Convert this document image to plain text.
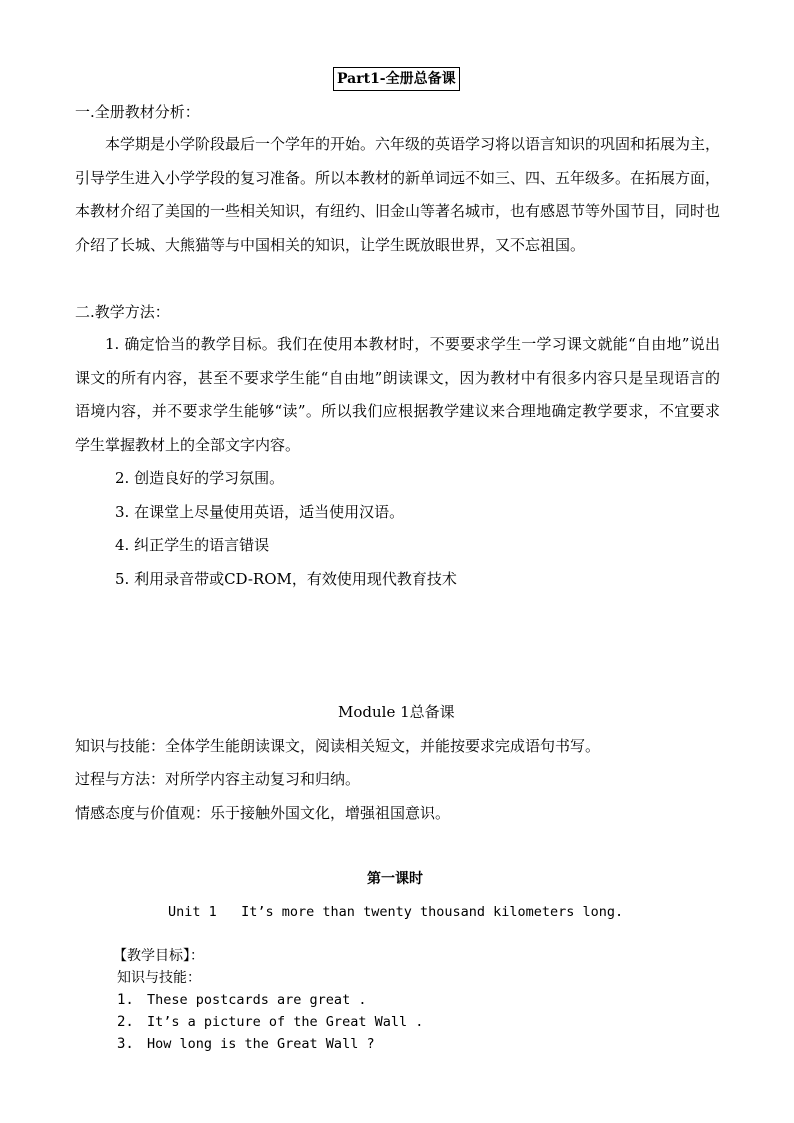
Part1-全册总备课
一.全册教材分析：

本学期是小学阶段最后一个学年的开始。六年级的英语学习将以语言知识的巩固和拓展为主，引导学生进入小学学段的复习准备。所以本教材的新单词远不如三、四、五年级多。在拓展方面，本教材介绍了美国的一些相关知识，有纽约、旧金山等著名城市，也有感恩节等外国节目，同时也介绍了长城、大熊猫等与中国相关的知识，让学生既放眼世界，又不忘祖国。

二.教学方法：

1. 确定恰当的教学目标。我们在使用本教材时，不要要求学生一学习课文就能“自由地”说出课文的所有内容，甚至不要求学生能“自由地”朗读课文，因为教材中有很多内容只是呈现语言的语境内容，并不要求学生能够“读”。所以我们应根据教学建议来合理地确定教学要求，不宜要求学生掌握教材上的全部文字内容。

2. 创造良好的学习氛围。
3. 在课堂上尽量使用英语，适当使用汉语。
4. 纠正学生的语言错误
5. 利用录音带或CD-ROM，有效使用现代教育技术
Module 1总备课
知识与技能：全体学生能朗读课文，阅读相关短文，并能按要求完成语句书写。
过程与方法：对所学内容主动复习和归纳。
情感态度与价值观：乐于接触外国文化，增强祖国意识。
第一课时
Unit 1   It’s more than twenty thousand kilometers long.
【教学目标】：
知识与技能：
1. These postcards are great .
2. It’s a picture of the Great Wall .
3. How long is the Great Wall ?
